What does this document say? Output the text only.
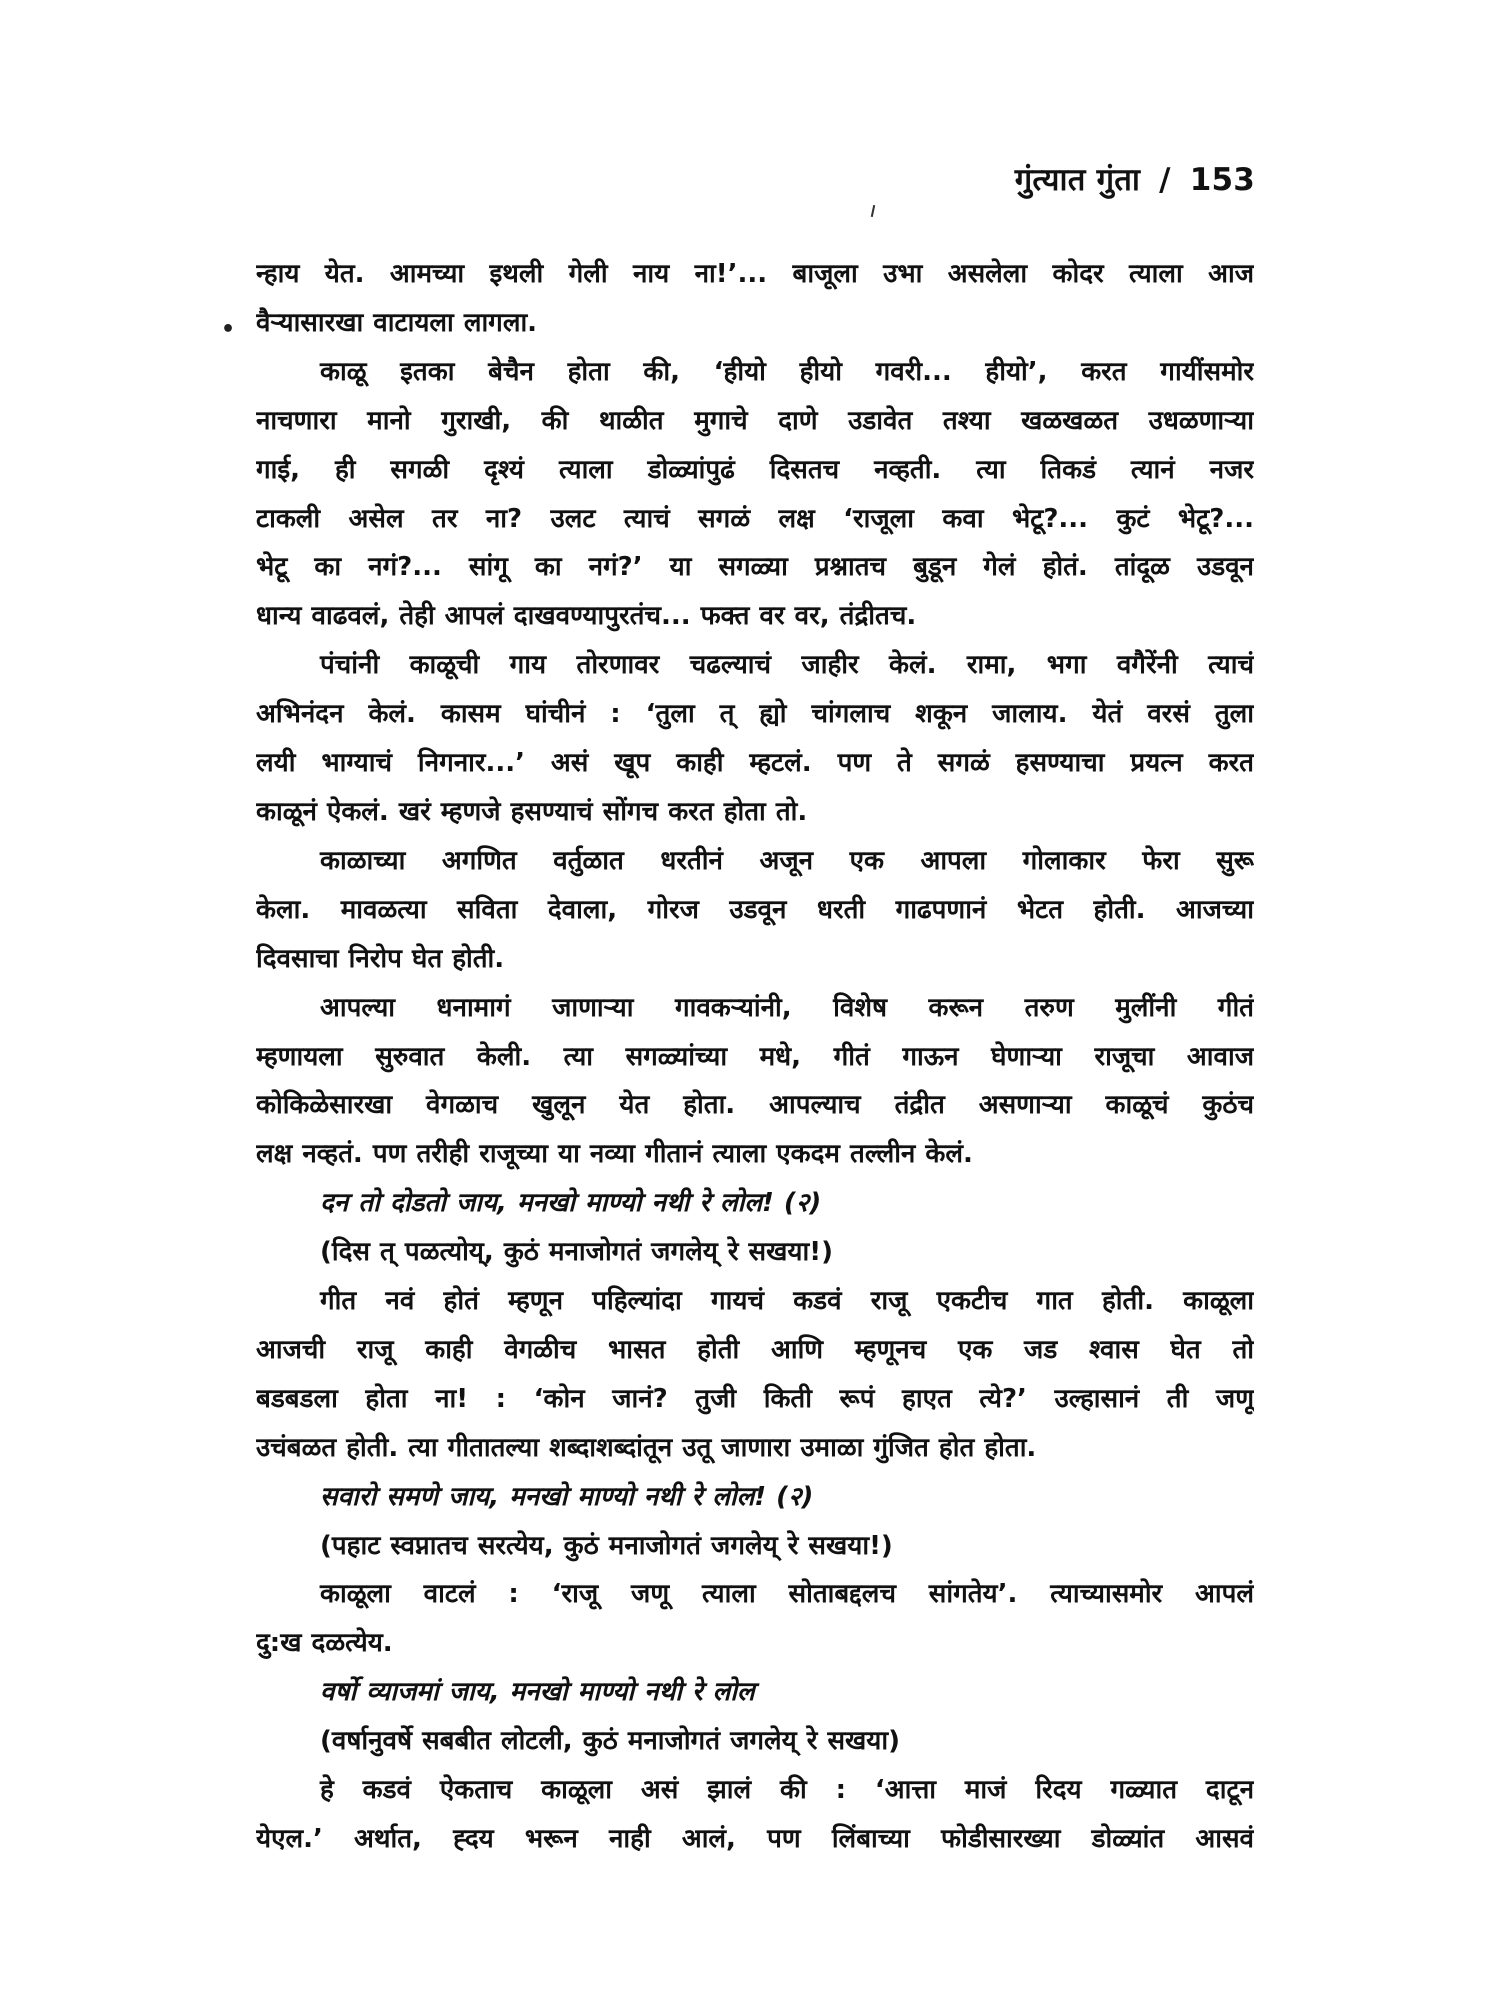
गुंत्यात गुंता / 153
•
न्हाय येत. आमच्या इथली गेली नाय ना!’... बाजूला उभा असलेला कोदर त्याला आज
वैऱ्यासारखा वाटायला लागला.
काळू इतका बेचैन होता की, ‘हीयो हीयो गवरी... हीयो’, करत गायींसमोर
नाचणारा मानो गुराखी, की थाळीत मुगाचे दाणे उडावेत तश्या खळखळत उधळणाऱ्या
गाई, ही सगळी दृश्यं त्याला डोळ्यांपुढं दिसतच नव्हती. त्या तिकडं त्यानं नजर
टाकली असेल तर ना? उलट त्याचं सगळं लक्ष ‘राजूला कवा भेटू?... कुटं भेटू?...
भेटू का नगं?... सांगू का नगं?’ या सगळ्या प्रश्नातच बुडून गेलं होतं. तांदूळ उडवून
धान्य वाढवलं, तेही आपलं दाखवण्यापुरतंच... फक्त वर वर, तंद्रीतच.
पंचांनी काळूची गाय तोरणावर चढल्याचं जाहीर केलं. रामा, भगा वगैरेंनी त्याचं
अभिनंदन केलं. कासम घांचीनं : ‘तुला त् ह्यो चांगलाच शकून जालाय. येतं वरसं तुला
लयी भाग्याचं निगनार...’ असं खूप काही म्हटलं. पण ते सगळं हसण्याचा प्रयत्न करत
काळूनं ऐकलं. खरं म्हणजे हसण्याचं सोंगच करत होता तो.
काळाच्या अगणित वर्तुळात धरतीनं अजून एक आपला गोलाकार फेरा सुरू
केला. मावळत्या सविता देवाला, गोरज उडवून धरती गाढपणानं भेटत होती. आजच्या
दिवसाचा निरोप घेत होती.
आपल्या धनामागं जाणाऱ्या गावकऱ्यांनी, विशेष करून तरुण मुलींनी गीतं
म्हणायला सुरुवात केली. त्या सगळ्यांच्या मधे, गीतं गाऊन घेणाऱ्या राजूचा आवाज
कोकिळेसारखा वेगळाच खुलून येत होता. आपल्याच तंद्रीत असणाऱ्या काळूचं कुठंच
लक्ष नव्हतं. पण तरीही राजूच्या या नव्या गीतानं त्याला एकदम तल्लीन केलं.
दन तो दोडतो जाय, मनखो माण्यो नथी रे लोल! (२)
(दिस त् पळत्योय्, कुठं मनाजोगतं जगलेय् रे सखया!)
गीत नवं होतं म्हणून पहिल्यांदा गायचं कडवं राजू एकटीच गात होती. काळूला
आजची राजू काही वेगळीच भासत होती आणि म्हणूनच एक जड श्वास घेत तो
बडबडला होता ना! : ‘कोन जानं? तुजी किती रूपं हाएत त्ये?’ उल्हासानं ती जणू
उचंबळत होती. त्या गीतातल्या शब्दाशब्दांतून उतू जाणारा उमाळा गुंजित होत होता.
सवारो समणे जाय, मनखो माण्यो नथी रे लोल! (२)
(पहाट स्वप्नातच सरत्येय, कुठं मनाजोगतं जगलेय् रे सखया!)
काळूला वाटलं : ‘राजू जणू त्याला सोताबद्दलच सांगतेय’. त्याच्यासमोर आपलं
दु:ख दळत्येय.
वर्षो व्याजमां जाय, मनखो माण्यो नथी रे लोल
(वर्षानुवर्षे सबबीत लोटली, कुठं मनाजोगतं जगलेय् रे सखया)
हे कडवं ऐकताच काळूला असं झालं की : ‘आत्ता माजं रिदय गळ्यात दाटून
येएल.’ अर्थात, ह्दय भरून नाही आलं, पण लिंबाच्या फोडीसारख्या डोळ्यांत आसवं
